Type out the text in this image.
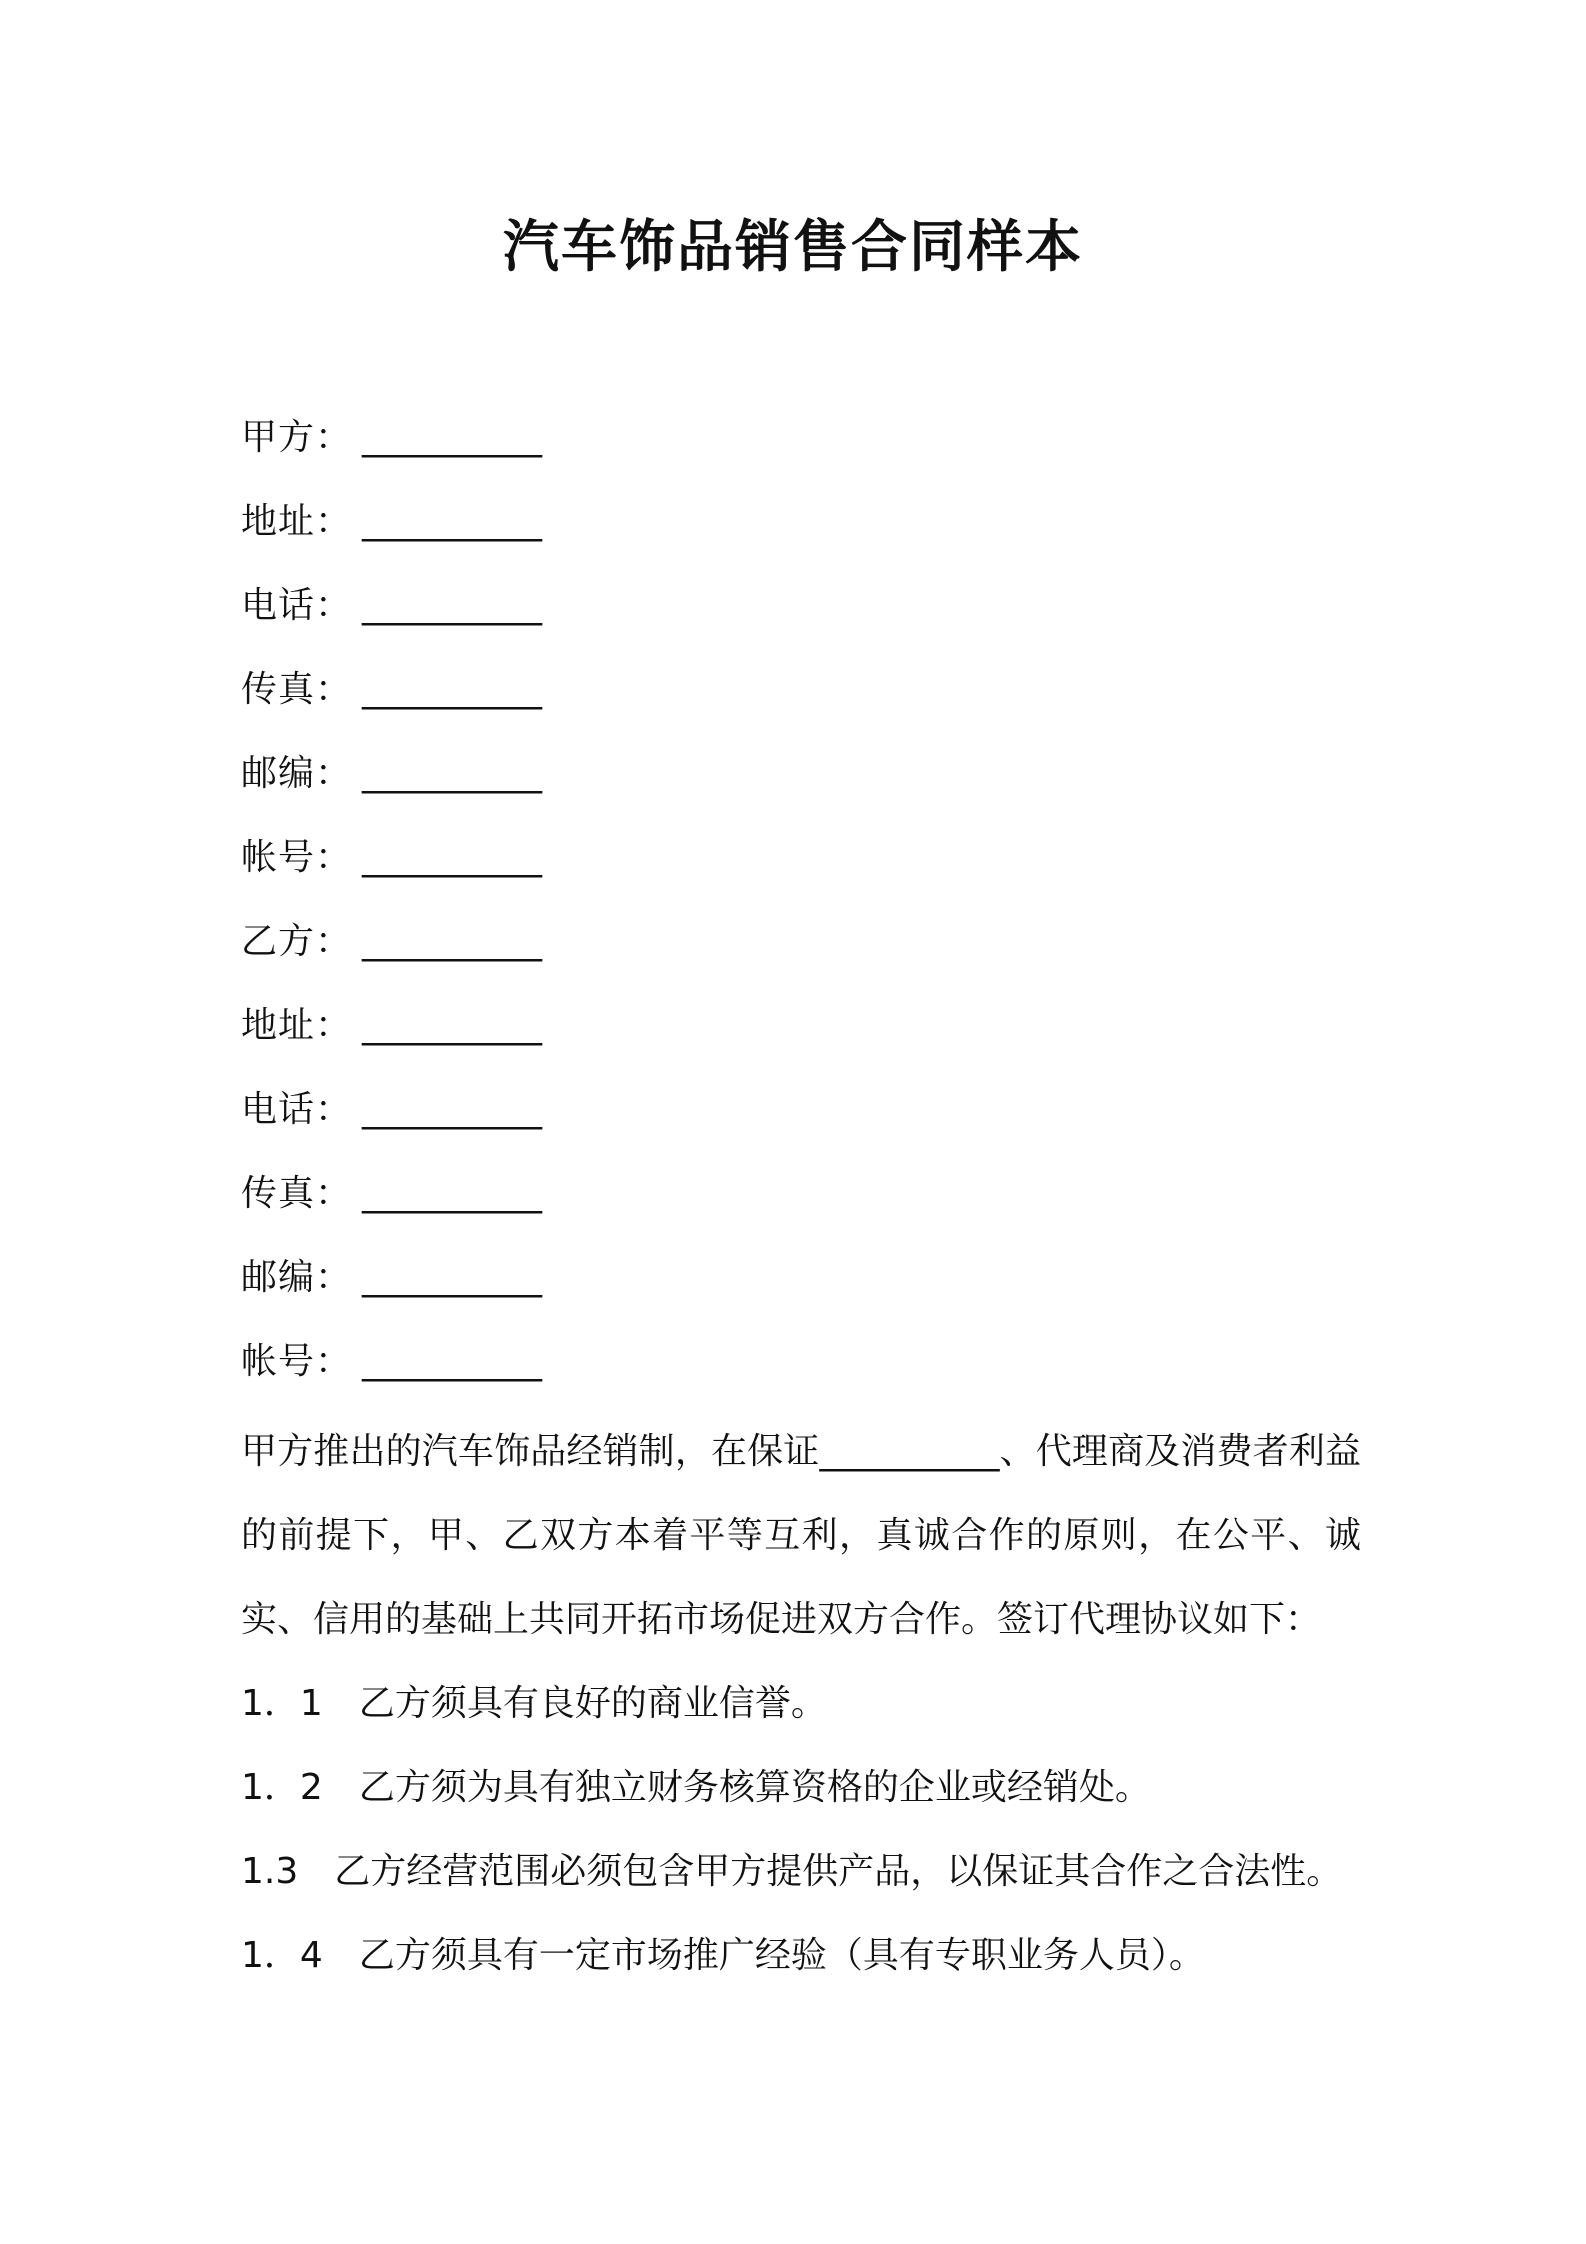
汽车饰品销售合同样本
甲方： __________
地址： __________
电话： __________
传真： __________
邮编： __________
帐号： __________
乙方： __________
地址： __________
电话： __________
传真： __________
邮编： __________
帐号： __________

甲方推出的汽车饰品经销制，在保证__________、代理商及消费者利益的前提下，甲、乙双方本着平等互利，真诚合作的原则，在公平、诚实、信用的基础上共同开拓市场促进双方合作。签订代理协议如下：

1．1 乙方须具有良好的商业信誉。
1．2 乙方须为具有独立财务核算资格的企业或经销处。
1.3 乙方经营范围必须包含甲方提供产品，以保证其合作之合法性。
1．4 乙方须具有一定市场推广经验（具有专职业务人员）。
